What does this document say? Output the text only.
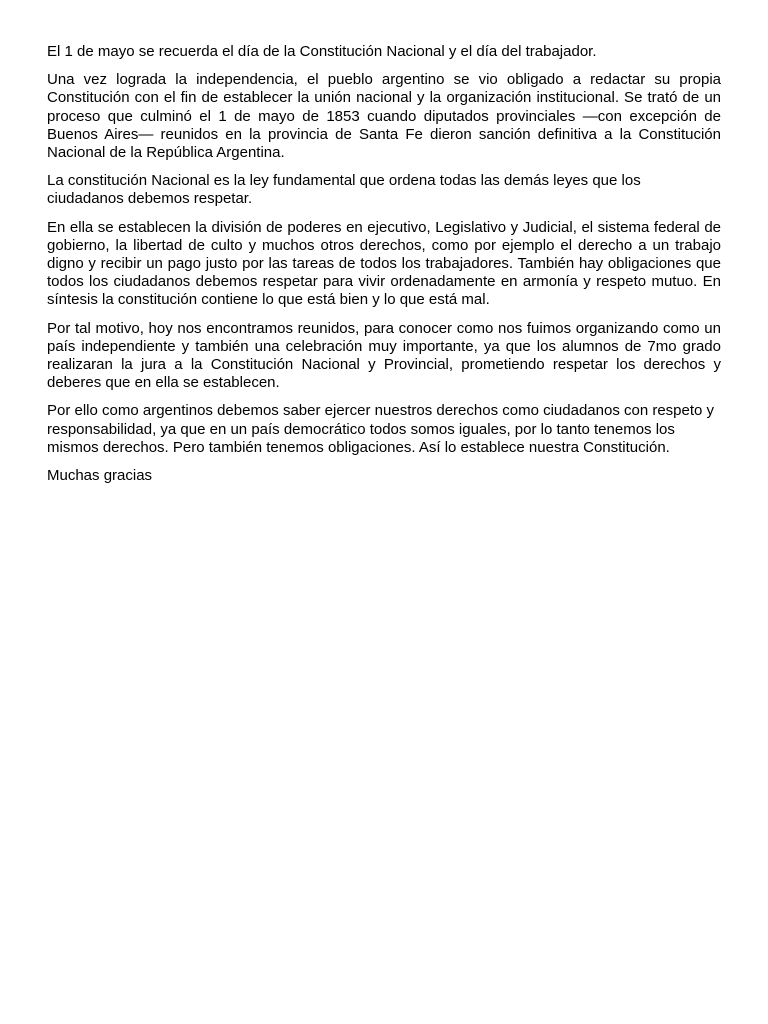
El 1 de mayo se recuerda el día de la Constitución Nacional y el día del trabajador.

Una vez lograda la independencia, el pueblo argentino se vio obligado a redactar su propia Constitución con el fin de establecer la unión nacional y la organización institucional. Se trató de un proceso que culminó el 1 de mayo de 1853 cuando diputados provinciales —con excepción de Buenos Aires— reunidos en la provincia de Santa Fe dieron sanción definitiva a la Constitución Nacional de la República Argentina.

La constitución Nacional es la ley fundamental que ordena todas las demás leyes que los ciudadanos debemos respetar.

En ella se establecen la división de poderes en ejecutivo, Legislativo y Judicial, el sistema federal de gobierno, la libertad de culto y muchos otros derechos, como por ejemplo el derecho a un trabajo digno y recibir un pago justo por las tareas de todos los trabajadores. También hay obligaciones que todos los ciudadanos debemos respetar para vivir ordenadamente en armonía y respeto mutuo. En síntesis la constitución contiene lo que está bien y lo que está mal.

Por tal motivo, hoy nos encontramos reunidos, para conocer como nos fuimos organizando como un país independiente y también una celebración muy importante, ya que los alumnos de 7mo grado realizaran la jura a la Constitución Nacional y Provincial, prometiendo respetar los derechos y deberes que en ella se establecen.

Por ello como argentinos debemos saber ejercer nuestros derechos como ciudadanos con respeto y responsabilidad, ya que en un país democrático todos somos iguales, por lo tanto tenemos los mismos derechos. Pero también tenemos obligaciones. Así lo establece nuestra Constitución.

Muchas gracias
